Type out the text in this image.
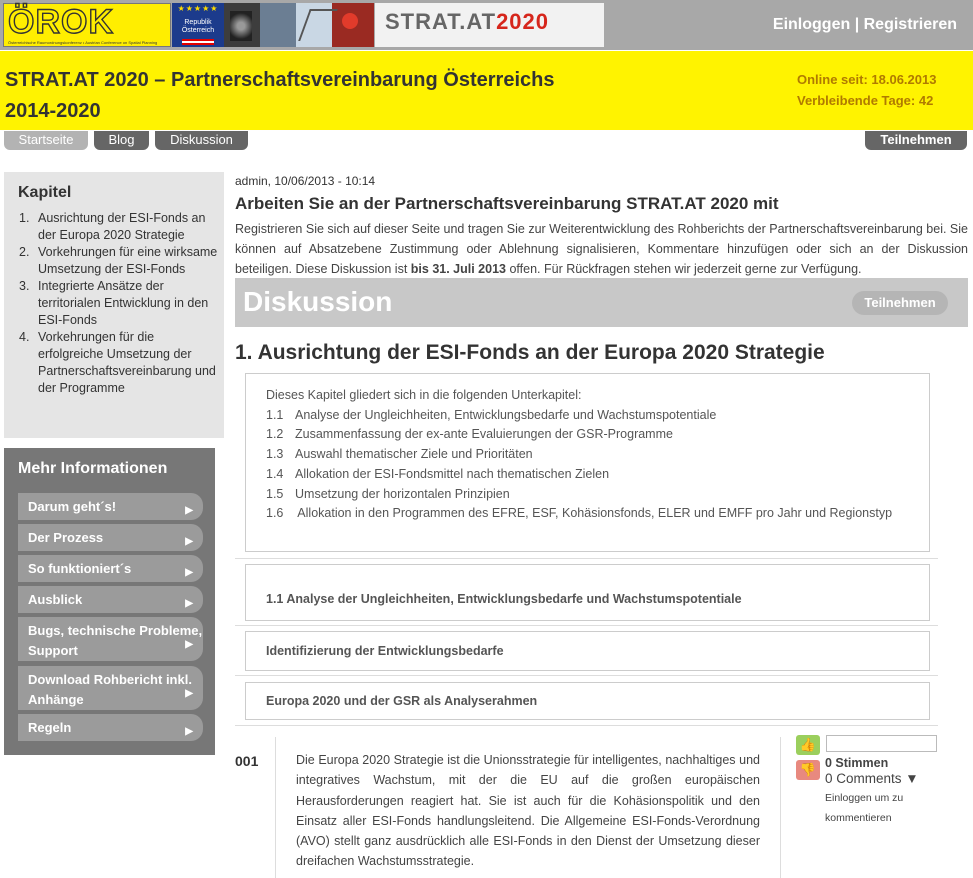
ÖROK
Österreichische Raumordnungskonferenz • Austrian Conference on Spatial Planning
★★★★★
Republik Österreich	STRAT.AT2020	Einloggen | Registrieren
STRAT.AT 2020 – Partnerschaftsvereinbarung Österreichs 2014-2020
Online seit: 18.06.2013
Verbleibende Tage: 42
Startseite	Blog	Diskussion	Teilnehmen
Kapitel
1. Ausrichtung der ESI-Fonds an der Europa 2020 Strategie
2. Vorkehrungen für eine wirksame Umsetzung der ESI-Fonds
3. Integrierte Ansätze der territorialen Entwicklung in den ESI-Fonds
4. Vorkehrungen für die erfolgreiche Umsetzung der Partnerschaftsvereinbarung und der Programme
Mehr Informationen
Darum geht´s!	▶
Der Prozess	▶
So funktioniert´s	▶
Ausblick	▶
Bugs, technische Probleme, Support	▶
Download Rohbericht inkl. Anhänge	▶
Regeln	▶
admin, 10/06/2013 - 10:14
Arbeiten Sie an der Partnerschaftsvereinbarung STRAT.AT 2020 mit
Registrieren Sie sich auf dieser Seite und tragen Sie zur Weiterentwicklung des Rohberichts der Partnerschaftsvereinbarung bei. Sie können auf Absatzebene Zustimmung oder Ablehnung signalisieren, Kommentare hinzufügen oder sich an der Diskussion beteiligen. Diese Diskussion ist bis 31. Juli 2013 offen. Für Rückfragen stehen wir jederzeit gerne zur Verfügung.
Diskussion	Teilnehmen
1. Ausrichtung der ESI-Fonds an der Europa 2020 Strategie
Dieses Kapitel gliedert sich in die folgenden Unterkapitel:
1.1 Analyse der Ungleichheiten, Entwicklungsbedarfe und Wachstumspotentiale
1.2 Zusammenfassung der ex-ante Evaluierungen der GSR-Programme
1.3 Auswahl thematischer Ziele und Prioritäten
1.4 Allokation der ESI-Fondsmittel nach thematischen Zielen
1.5 Umsetzung der horizontalen Prinzipien
1.6 Allokation in den Programmen des EFRE, ESF, Kohäsionsfonds, ELER und EMFF pro Jahr und Regionstyp
1.1 Analyse der Ungleichheiten, Entwicklungsbedarfe und Wachstumspotentiale
Identifizierung der Entwicklungsbedarfe
Europa 2020 und der GSR als Analyserahmen
001	Die Europa 2020 Strategie ist die Unionsstrategie für intelligentes, nachhaltiges und integratives Wachstum, mit der die EU auf die großen europäischen Herausforderungen reagiert hat. Sie ist auch für die Kohäsionspolitik und den Einsatz aller ESI-Fonds handlungsleitend. Die Allgemeine ESI-Fonds-Verordnung (AVO) stellt ganz ausdrücklich alle ESI-Fonds in den Dienst der Umsetzung dieser dreifachen Wachstumsstrategie.
👍
👎 0 Stimmen
0 Comments ▼
Einloggen um zu kommentieren
